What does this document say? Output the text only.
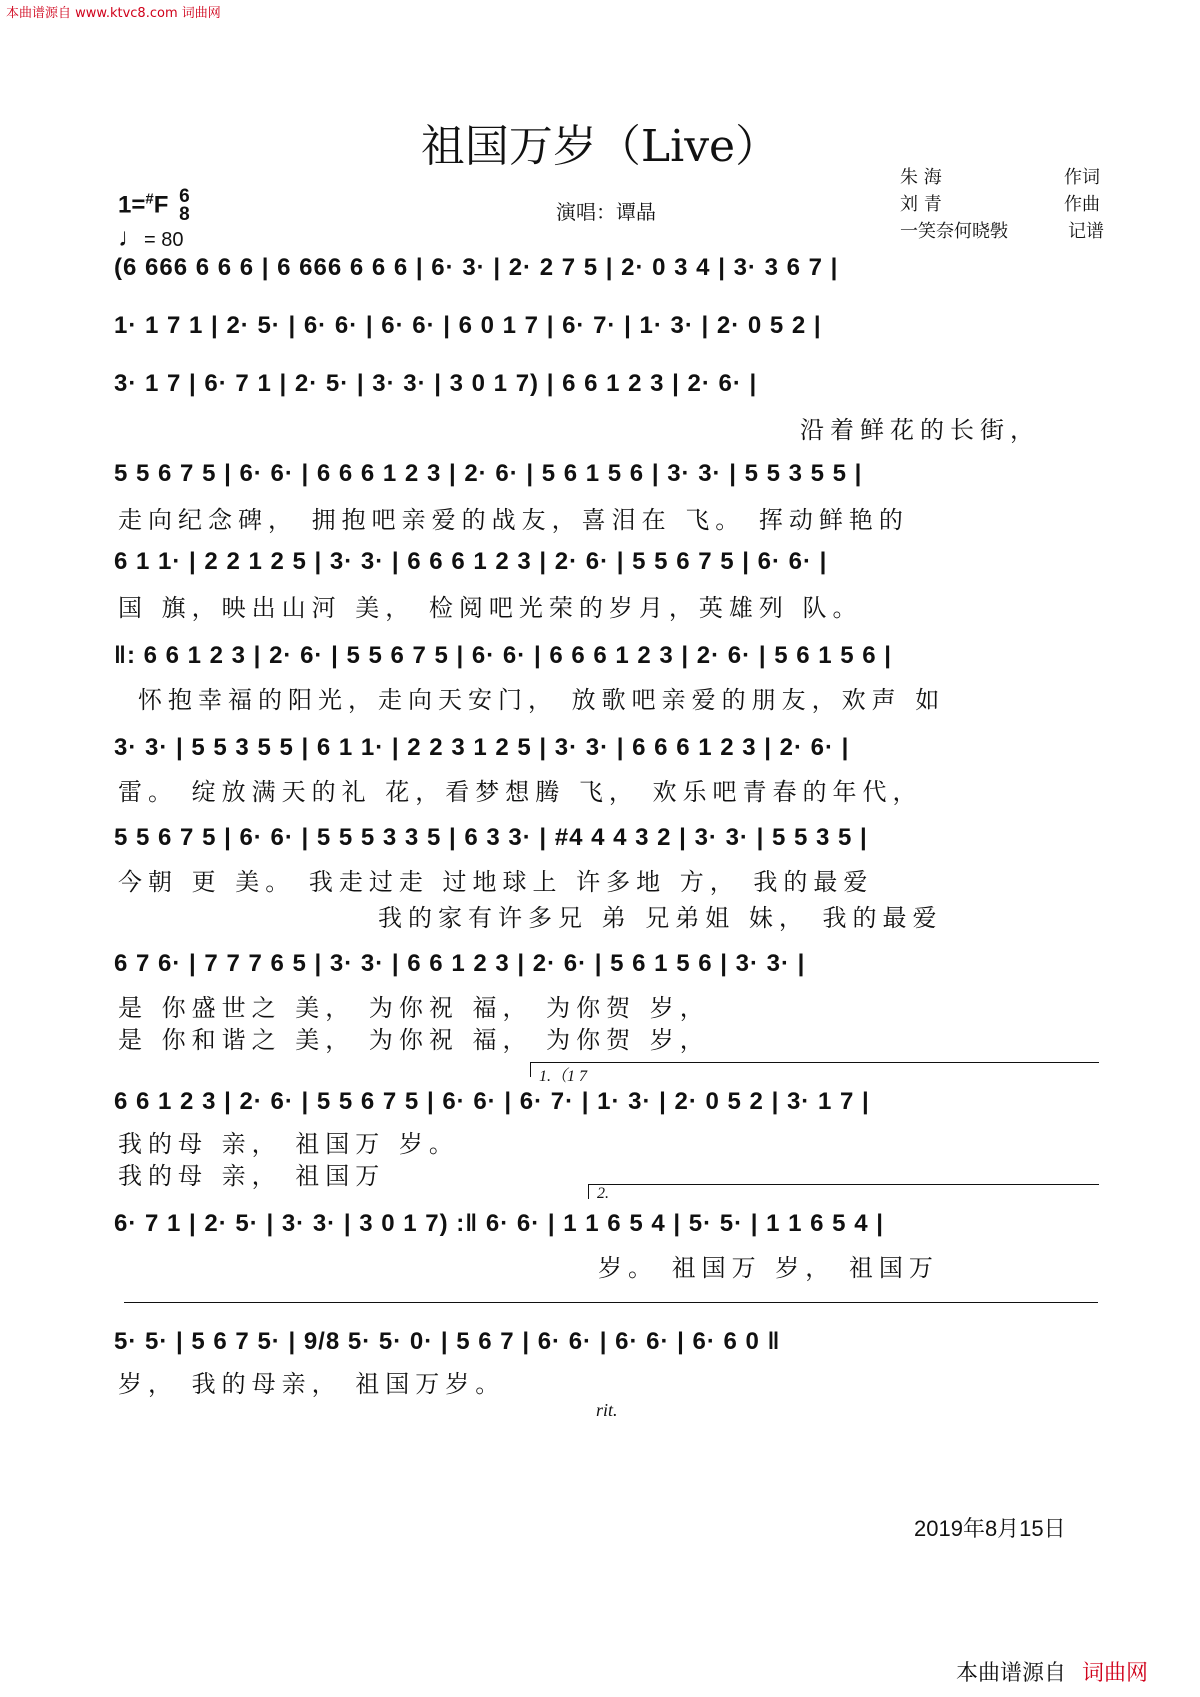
本曲谱源自 www.ktvc8.com 词曲网
祖国万岁（Live）
1=#F 6
8
♩= 80
演唱：谭晶
朱 海	作词
刘 青	作曲
一笑奈何晓斅	记谱
(6 666 6 6 6 | 6 666 6 6 6 | 6· 3· | 2· 2 7 5 | 2· 0 3 4 | 3· 3 6 7 |
1· 1 7 1 | 2· 5· | 6· 6· | 6· 6· | 6 0 1 7 | 6· 7· | 1· 3· | 2· 0 5 2 |
3· 1 7 | 6· 7 1 | 2· 5· | 3· 3· | 3 0 1 7) | 6 6 1 2 3 | 2· 6· |
沿着鲜花的长街，
5 5 6 7 5 | 6· 6· | 6 6 6 1 2 3 | 2· 6· | 5 6 1 5 6 | 3· 3· | 5 5 3 5 5 |
走向纪念碑， 拥抱吧亲爱的战友，喜泪在 飞。 挥动鲜艳的
6 1 1· | 2 2 1 2 5 | 3· 3· | 6 6 6 1 2 3 | 2· 6· | 5 5 6 7 5 | 6· 6· |
国 旗，映出山河 美， 检阅吧光荣的岁月，英雄列 队。
‖: 6 6 1 2 3 | 2· 6· | 5 5 6 7 5 | 6· 6· | 6 6 6 1 2 3 | 2· 6· | 5 6 1 5 6 |
怀抱幸福的阳光，走向天安门， 放歌吧亲爱的朋友，欢声 如
3· 3· | 5 5 3 5 5 | 6 1 1· | 2 2 3 1 2 5 | 3· 3· | 6 6 6 1 2 3 | 2· 6· |
雷。 绽放满天的礼 花，看梦想腾 飞， 欢乐吧青春的年代，
5 5 6 7 5 | 6· 6· | 5 5 5 3 3 5 | 6 3 3· | #4 4 4 3 2 | 3· 3· | 5 5 3 5 |
今朝 更 美。 我走过走 过地球上 许多地 方， 我的最爱
我的家有许多兄 弟 兄弟姐 妹， 我的最爱
6 7 6· | 7 7 7 6 5 | 3· 3· | 6 6 1 2 3 | 2· 6· | 5 6 1 5 6 | 3· 3· |
是 你盛世之 美， 为你祝 福， 为你贺 岁，
是 你和谐之 美， 为你祝 福， 为你贺 岁，
1.（1 7
6 6 1 2 3 | 2· 6· | 5 5 6 7 5 | 6· 6· | 6· 7· | 1· 3· | 2· 0 5 2 | 3· 1 7 |
我的母 亲， 祖国万 岁。
我的母 亲， 祖国万
2.
6· 7 1 | 2· 5· | 3· 3· | 3 0 1 7) :‖ 6· 6· | 1 1 6 5 4 | 5· 5· | 1 1 6 5 4 |
岁。 祖国万 岁， 祖国万
rit.
5· 5· | 5 6 7 5· | 9/8 5· 5· 0· | 5 6 7 | 6· 6· | 6· 6· | 6· 6 0 ‖
岁， 我的母亲， 祖国万岁。
2019年8月15日
本曲谱源自 词曲网
